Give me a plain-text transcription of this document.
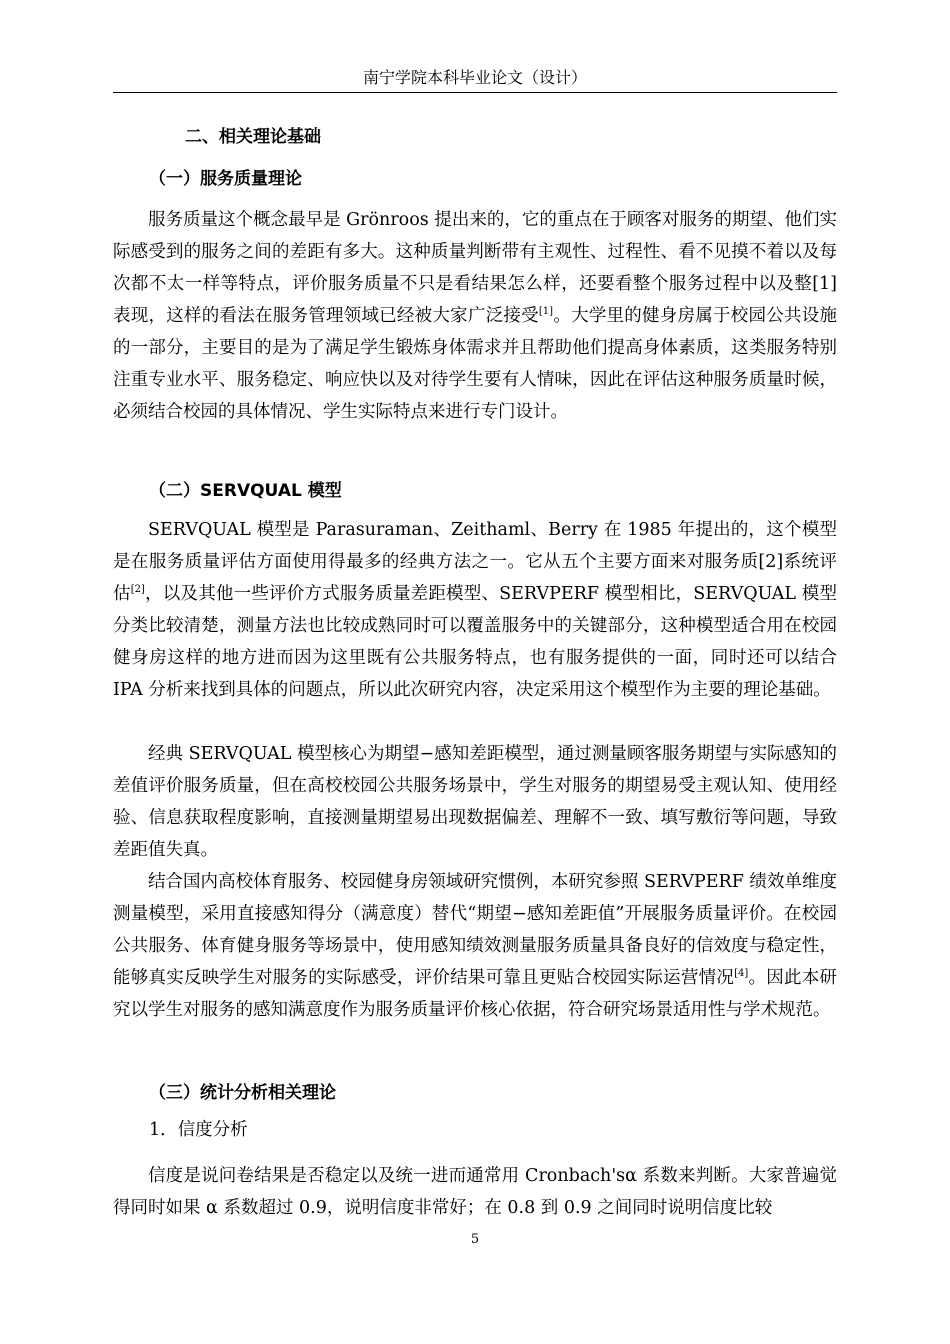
南宁学院本科毕业论文（设计）

二、相关理论基础

（一）服务质量理论

服务质量这个概念最早是 Grönroos 提出来的，它的重点在于顾客对服务的期望、他们实际感受到的服务之间的差距有多大。这种质量判断带有主观性、过程性、看不见摸不着以及每次都不太一样等特点，评价服务质量不只是看结果怎么样，还要看整个服务过程中以及整[1]表现，这样的看法在服务管理领域已经被大家广泛接受[1]。大学里的健身房属于校园公共设施的一部分，主要目的是为了满足学生锻炼身体需求并且帮助他们提高身体素质，这类服务特别注重专业水平、服务稳定、响应快以及对待学生要有人情味，因此在评估这种服务质量时候，必须结合校园的具体情况、学生实际特点来进行专门设计。

（二）SERVQUAL 模型

SERVQUAL 模型是 Parasuraman、Zeithaml、Berry 在 1985 年提出的，这个模型是在服务质量评估方面使用得最多的经典方法之一。它从五个主要方面来对服务质[2]系统评估[2]，以及其他一些评价方式服务质量差距模型、SERVPERF 模型相比，SERVQUAL 模型分类比较清楚，测量方法也比较成熟同时可以覆盖服务中的关键部分，这种模型适合用在校园健身房这样的地方进而因为这里既有公共服务特点，也有服务提供的一面，同时还可以结合 IPA 分析来找到具体的问题点，所以此次研究内容，决定采用这个模型作为主要的理论基础。

经典 SERVQUAL 模型核心为期望−感知差距模型，通过测量顾客服务期望与实际感知的差值评价服务质量，但在高校校园公共服务场景中，学生对服务的期望易受主观认知、使用经验、信息获取程度影响，直接测量期望易出现数据偏差、理解不一致、填写敷衍等问题，导致差距值失真。

结合国内高校体育服务、校园健身房领域研究惯例，本研究参照 SERVPERF 绩效单维度测量模型，采用直接感知得分（满意度）替代“期望−感知差距值”开展服务质量评价。在校园公共服务、体育健身服务等场景中，使用感知绩效测量服务质量具备良好的信效度与稳定性，能够真实反映学生对服务的实际感受，评价结果可靠且更贴合校园实际运营情况[4]。因此本研究以学生对服务的感知满意度作为服务质量评价核心依据，符合研究场景适用性与学术规范。

（三）统计分析相关理论

1．信度分析

信度是说问卷结果是否稳定以及统一进而通常用 Cronbach'sα 系数来判断。大家普遍觉得同时如果 α 系数超过 0.9，说明信度非常好；在 0.8 到 0.9 之间同时说明信度比较

5
